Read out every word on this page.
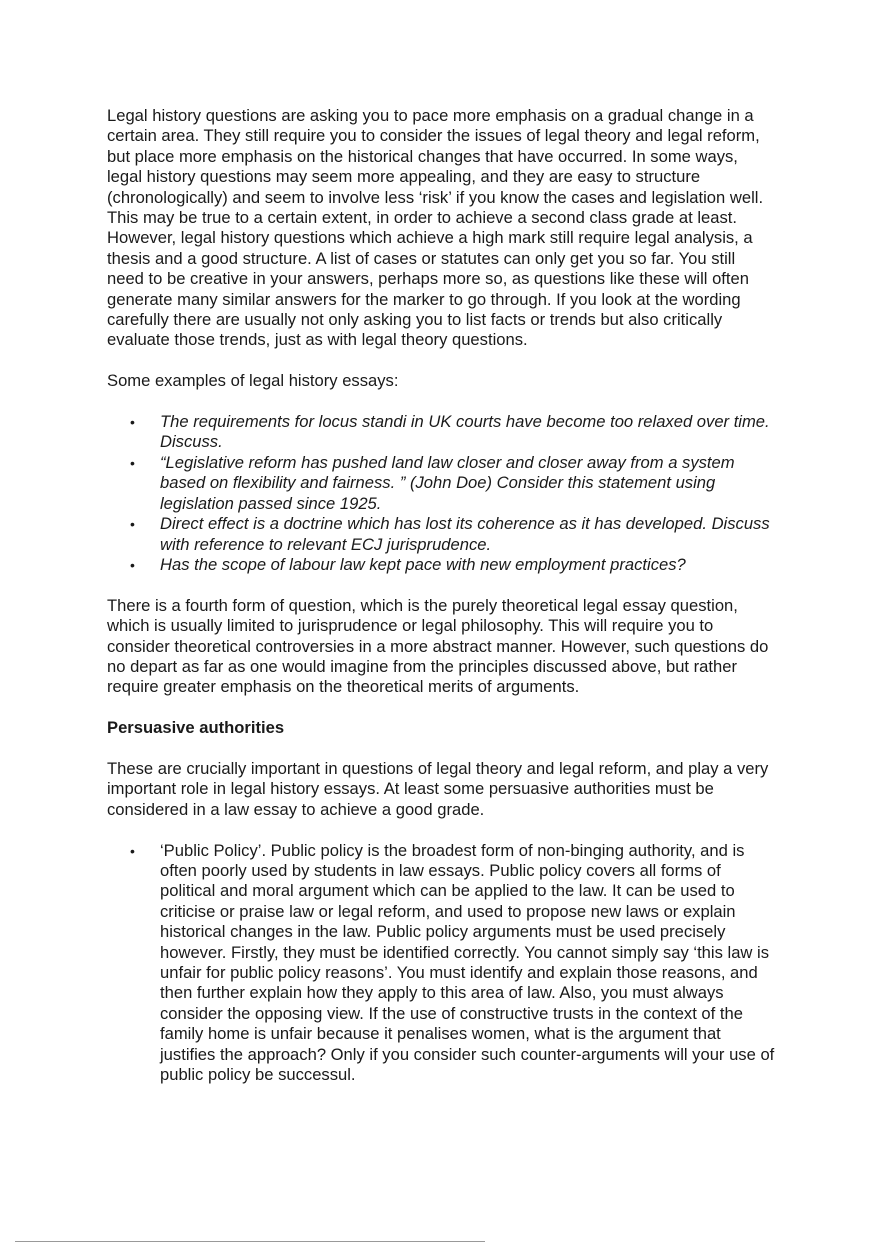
Legal history questions are asking you to pace more emphasis on a gradual change in a certain area. They still require you to consider the issues of legal theory and legal reform, but place more emphasis on the historical changes that have occurred. In some ways, legal history questions may seem more appealing, and they are easy to structure (chronologically) and seem to involve less ‘risk’ if you know the cases and legislation well. This may be true to a certain extent, in order to achieve a second class grade at least. However, legal history questions which achieve a high mark still require legal analysis, a thesis and a good structure. A list of cases or statutes can only get you so far. You still need to be creative in your answers, perhaps more so, as questions like these will often generate many similar answers for the marker to go through. If you look at the wording carefully there are usually not only asking you to list facts or trends but also critically evaluate those trends, just as with legal theory questions.

Some examples of legal history essays:

• The requirements for locus standi in UK courts have become too relaxed over time. Discuss.
• “Legislative reform has pushed land law closer and closer away from a system based on flexibility and fairness. ” (John Doe) Consider this statement using legislation passed since 1925.
• Direct effect is a doctrine which has lost its coherence as it has developed. Discuss with reference to relevant ECJ jurisprudence.
• Has the scope of labour law kept pace with new employment practices?

There is a fourth form of question, which is the purely theoretical legal essay question, which is usually limited to jurisprudence or legal philosophy. This will require you to consider theoretical controversies in a more abstract manner. However, such questions do no depart as far as one would imagine from the principles discussed above, but rather require greater emphasis on the theoretical merits of arguments.

Persuasive authorities

These are crucially important in questions of legal theory and legal reform, and play a very important role in legal history essays. At least some persuasive authorities must be considered in a law essay to achieve a good grade.

• ‘Public Policy’. Public policy is the broadest form of non-binging authority, and is often poorly used by students in law essays. Public policy covers all forms of political and moral argument which can be applied to the law. It can be used to criticise or praise law or legal reform, and used to propose new laws or explain historical changes in the law. Public policy arguments must be used precisely however. Firstly, they must be identified correctly. You cannot simply say ‘this law is unfair for public policy reasons’. You must identify and explain those reasons, and then further explain how they apply to this area of law. Also, you must always consider the opposing view. If the use of constructive trusts in the context of the family home is unfair because it penalises women, what is the argument that justifies the approach? Only if you consider such counter-arguments will your use of public policy be successul.
